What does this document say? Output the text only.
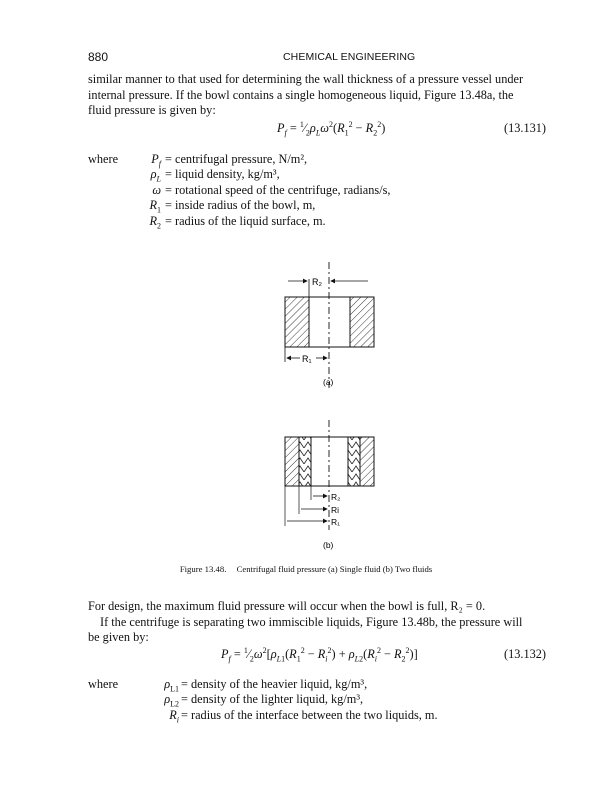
880	CHEMICAL ENGINEERING
similar manner to that used for determining the wall thickness of a pressure vessel under
internal pressure. If the bowl contains a single homogeneous liquid, Figure 13.48a, the
fluid pressure is given by:
$P_f$ = $^1⁄_2\rho_L\omega^2(R_1^2 - R_2^2)$	(13.131)
where	$P_f$ = centrifugal pressure, N/m²,
$\rho_L$ = liquid density, kg/m³,
ω = rotational speed of the centrifuge, radians/s,
$R_1$ = inside radius of the bowl, m,
$R_2$ = radius of the liquid surface, m.
R₂
R₁
(a)
R₂
Ri
R₁
(b)
Figure 13.48. Centrifugal fluid pressure (a) Single fluid (b) Two fluids
For design, the maximum fluid pressure will occur when the bowl is full, R₂ = 0.
If the centrifuge is separating two immiscible liquids, Figure 13.48b, the pressure will
be given by:
$P_f$ = $^1⁄_2\omega^2[\rho_{L1}(R_1^2 - R_i^2) + \rho_{L2}(R_i^2 - R_2^2)]$	(13.132)
where	$\rho_{L1}$ = density of the heavier liquid, kg/m³,
$\rho_{L2}$ = density of the lighter liquid, kg/m³,
$R_i$ = radius of the interface between the two liquids, m.
